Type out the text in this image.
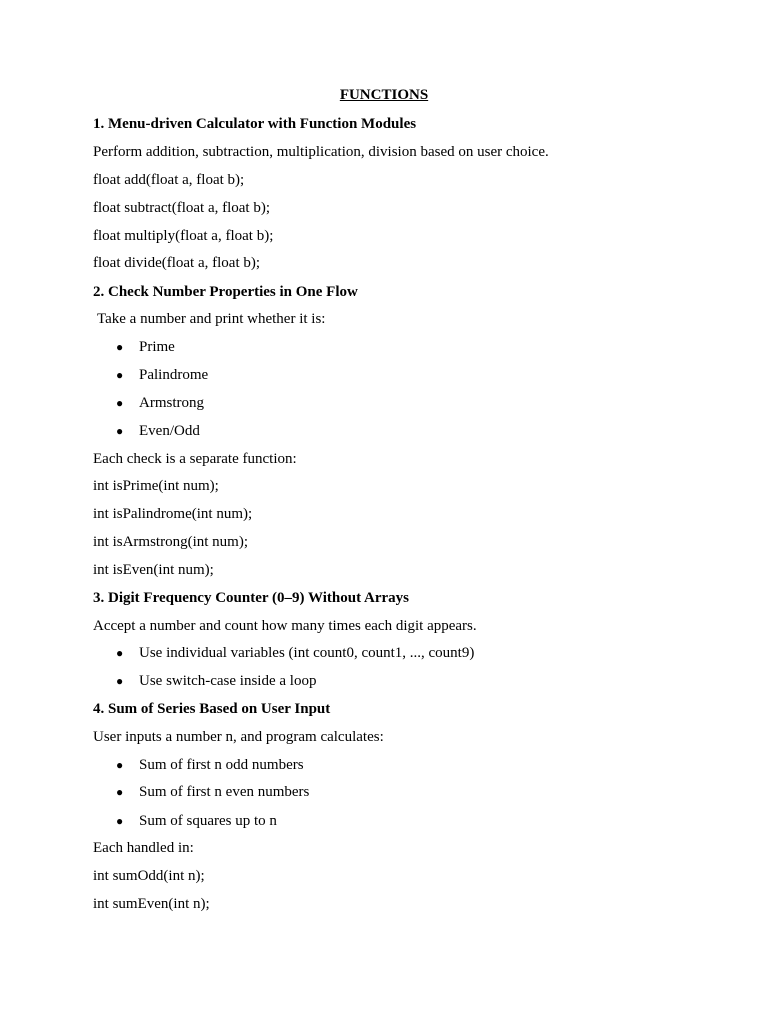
FUNCTIONS
1. Menu-driven Calculator with Function Modules
Perform addition, subtraction, multiplication, division based on user choice.
float add(float a, float b);
float subtract(float a, float b);
float multiply(float a, float b);
float divide(float a, float b);
2. Check Number Properties in One Flow
Take a number and print whether it is:
● Prime
● Palindrome
● Armstrong
● Even/Odd
Each check is a separate function:
int isPrime(int num);
int isPalindrome(int num);
int isArmstrong(int num);
int isEven(int num);
3. Digit Frequency Counter (0–9) Without Arrays
Accept a number and count how many times each digit appears.
● Use individual variables (int count0, count1, ..., count9)
● Use switch-case inside a loop
4. Sum of Series Based on User Input
User inputs a number n, and program calculates:
● Sum of first n odd numbers
● Sum of first n even numbers
● Sum of squares up to n
Each handled in:
int sumOdd(int n);
int sumEven(int n);
